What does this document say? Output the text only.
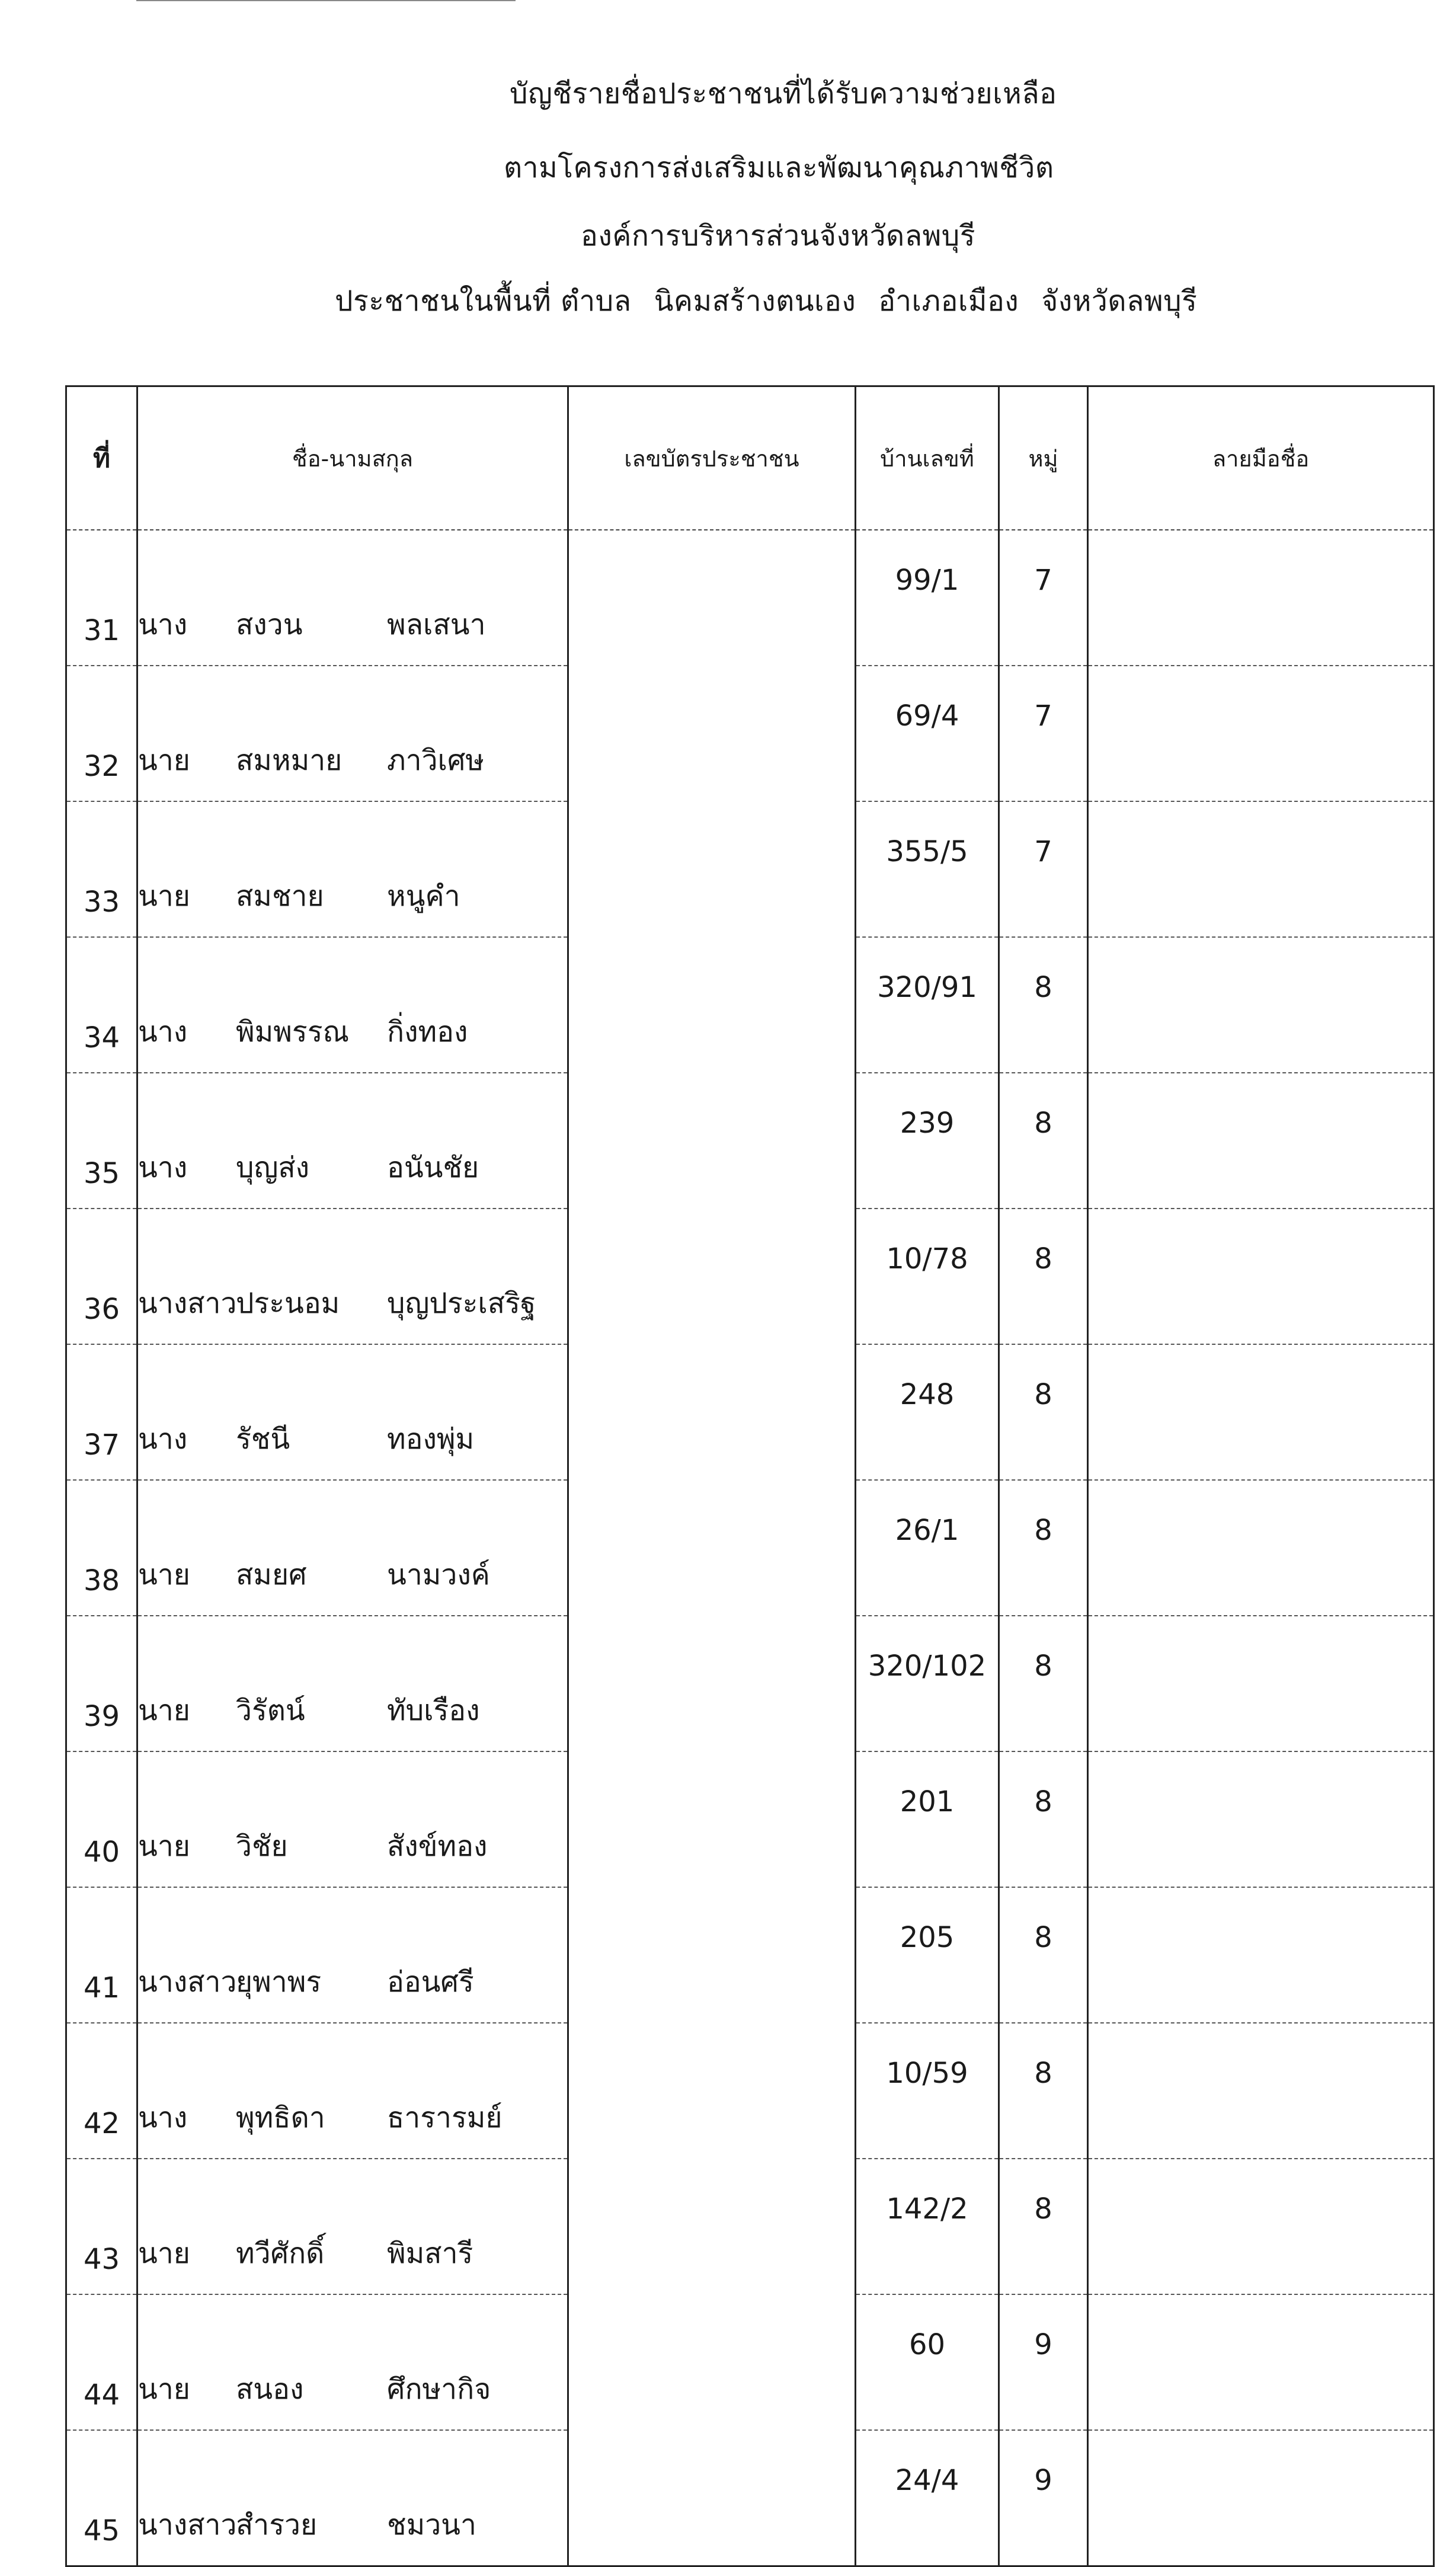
บัญชีรายชื่อประชาชนที่ได้รับความช่วยเหลือ
ตามโครงการส่งเสริมและพัฒนาคุณภาพชีวิต
องค์การบริหารส่วนจังหวัดลพบุรี
ประชาชนในพื้นที่ ตำบล นิคมสร้างตนเอง อำเภอเมือง จังหวัดลพบุรี
ที่	ชื่อ-นามสกุล	เลขบัตรประชาชน	บ้านเลขที่	หมู่	ลายมือชื่อ
31	นาง สงวน พลเสนา		99/1	7	
32	นาย สมหมาย ภาวิเศษ		69/4	7	
33	นาย สมชาย หนูคำ		355/5	7	
34	นาง พิมพรรณ กิ่งทอง		320/91	8	
35	นาง บุญส่ง อนันชัย		239	8	
36	นางสาวประนอม บุญประเสริฐ		10/78	8	
37	นาง รัชนี ทองพุ่ม		248	8	
38	นาย สมยศ นามวงค์		26/1	8	
39	นาย วิรัตน์ ทับเรือง		320/102	8	
40	นาย วิชัย สังข์ทอง		201	8	
41	นางสาวยุพาพร อ่อนศรี		205	8	
42	นาง พุทธิดา ธารารมย์		10/59	8	
43	นาย ทวีศักดิ์ พิมสารี		142/2	8	
44	นาย สนอง ศึกษากิจ		60	9	
45	นางสาวสำรวย ชมวนา		24/4	9	
